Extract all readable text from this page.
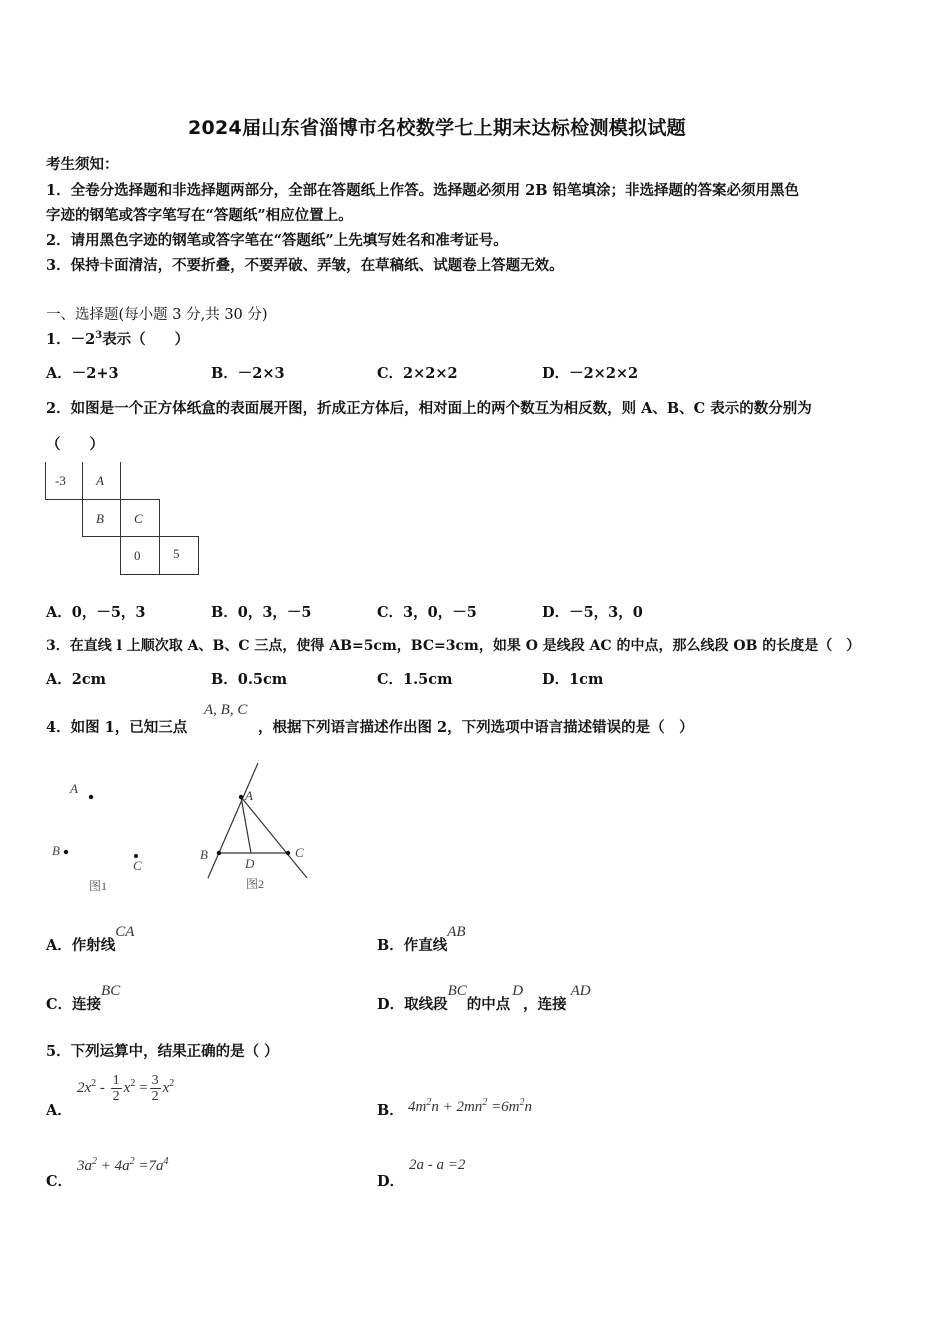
2024届山东省淄博市名校数学七上期末达标检测模拟试题
考生须知：
1．全卷分选择题和非选择题两部分，全部在答题纸上作答。选择题必须用 2B 铅笔填涂；非选择题的答案必须用黑色
字迹的钢笔或答字笔写在“答题纸”相应位置上。
2．请用黑色字迹的钢笔或答字笔在“答题纸”上先填写姓名和准考证号。
3．保持卡面清洁，不要折叠，不要弄破、弄皱，在草稿纸、试题卷上答题无效。
一、选择题(每小题 3 分,共 30 分)
1．$-2^3$表示（　　）
A．－2+3	B．－2×3	C．2×2×2	D．－2×2×2
2．如图是一个正方体纸盒的表面展开图，折成正方体后，相对面上的两个数互为相反数，则 A、B、C 表示的数分别为
（　　）
-3 A
B C
0	5
A．0，－5，3	B．0，3，－5	C．3，0，－5	D．－5，3，0
3．在直线 l 上顺次取 A、B、C 三点，使得 AB=5cm，BC=3cm，如果 O 是线段 AC 的中点，那么线段 OB 的长度是（　）
A．2cm	B．0.5cm	C．1.5cm	D．1cm
4．如图 1，已知三点
A, B, C
，根据下列语言描述作出图 2，下列选项中语言描述错误的是（　）
A
B
C
图1
A
B	C
D
图2
A．作射线CA
B．作直线AB
C．连接BC
D．取线段BC的中点D，连接AD
5．下列运算中，结果正确的是（ ）
A．
$2x^2 - \frac{1}{2} x^2 = \frac{3}{2} x^2$
B． $4m^2n + 2mn^2 =6m^2n$
C．
$3a^2 + 4a^2 =7a^4$
D．
2a - a =2
